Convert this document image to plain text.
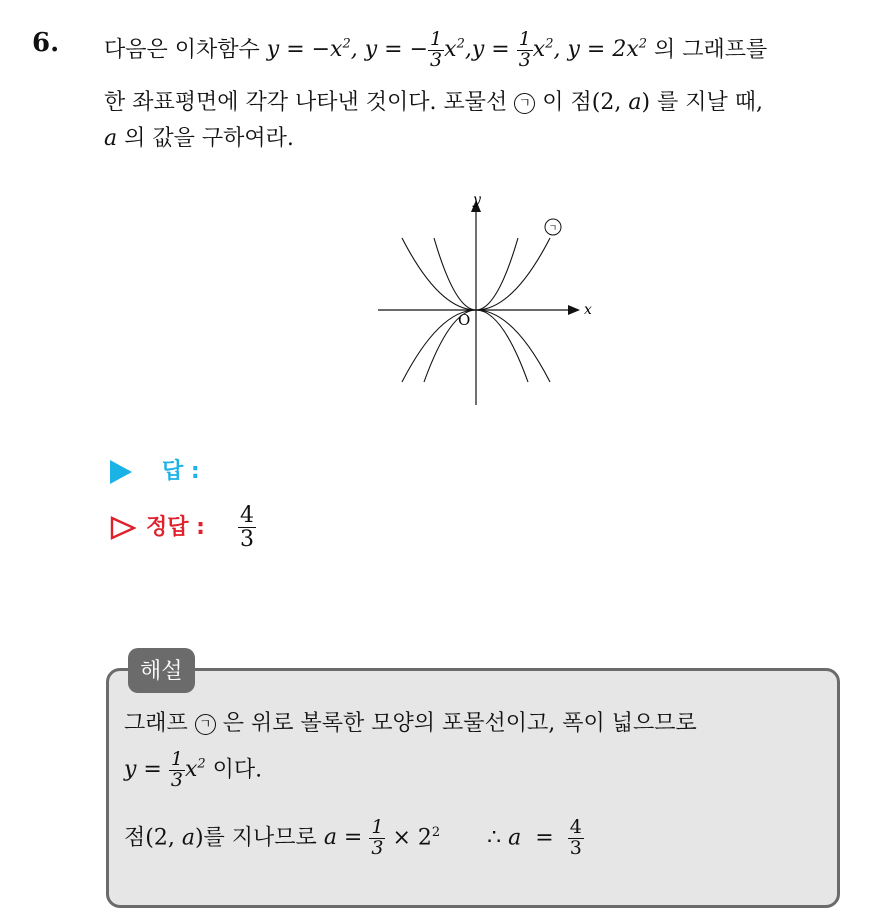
6. 다음은 이차함수 $y = -x^2$, y = − $\frac{1}{3} x^2,y = \frac{1}{3} x^2$, $y = 2x^2$ 의 그래프를
한 좌표평면에 각각 나타낸 것이다. 포물선 ㄱ 이 점(2, a) 를 지날 때,
a 의 값을 구하여라.
x
y
O
ㄱ
답 :
정답 : $\frac{4}{3}$
해설
그래프 ㄱ 은 위로 볼록한 모양의 포물선이고, 폭이 넓으므로
$y = \frac{1}{3} x^2$ 이다.
점(2, a)를 지나므로 $a = \frac{1}{3} \times 2^2$ ∴ $a = \frac{4}{3}$
